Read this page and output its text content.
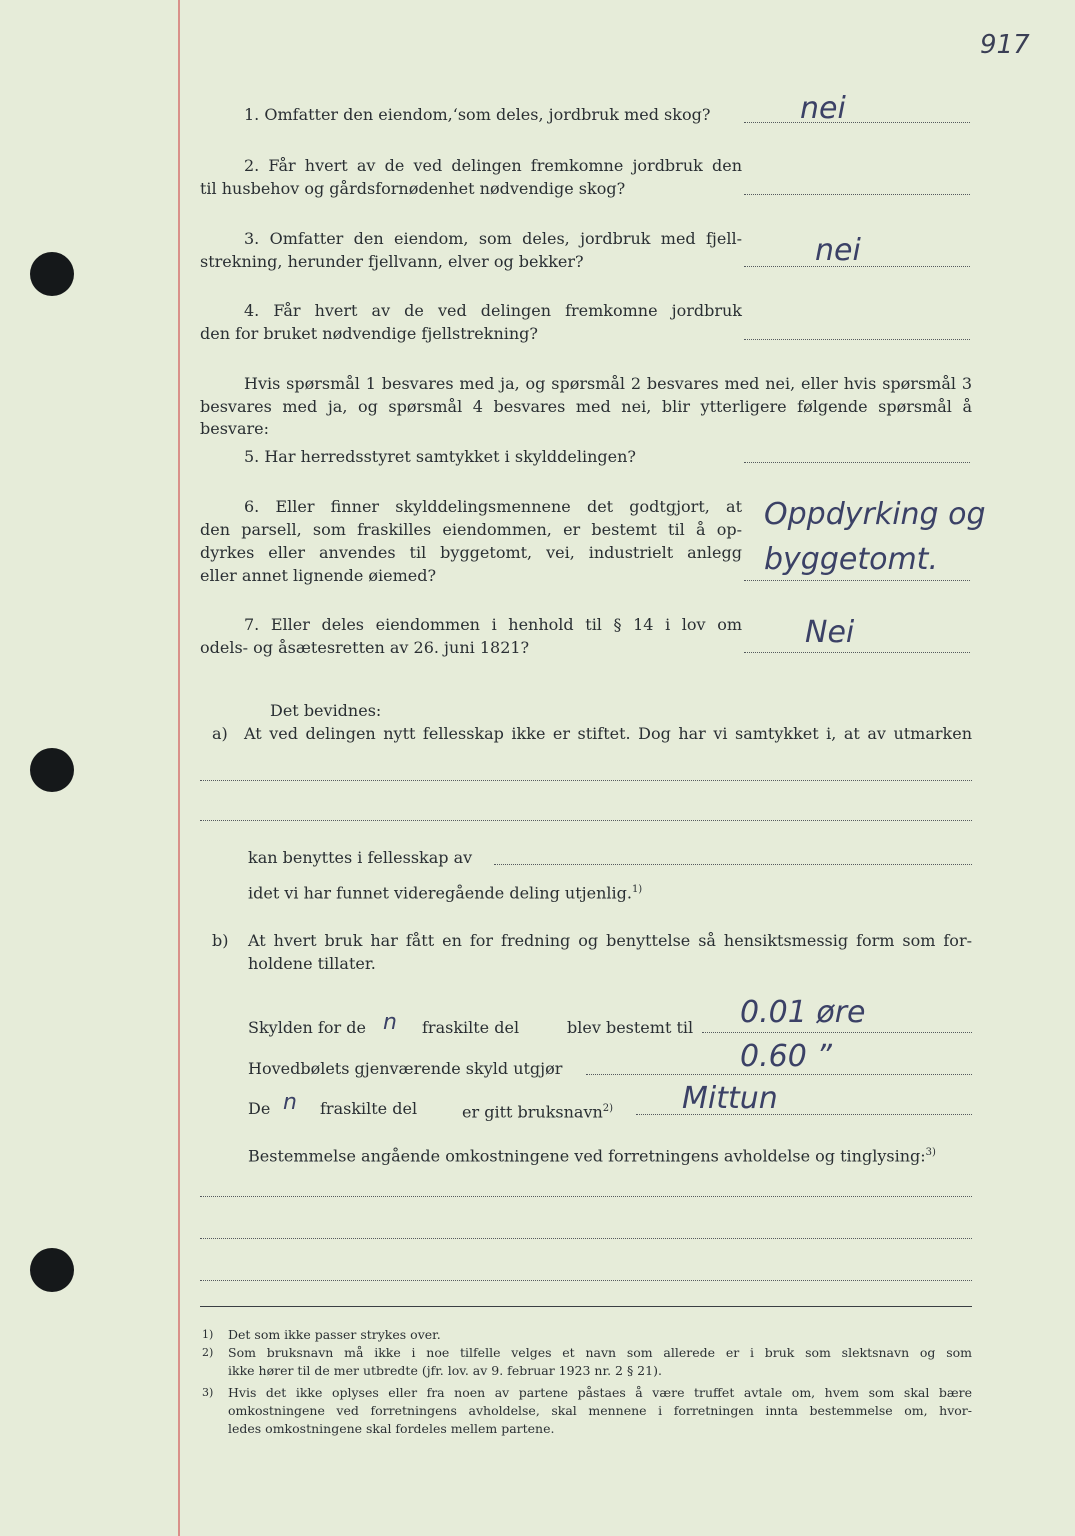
917
1. Omfatter den eiendom,ʻsom deles, jordbruk med skog?	nei
2. Får hvert av de ved delingen fremkomne jordbruk den
til husbehov og gårdsfornødenhet nødvendige skog?
3. Omfatter den eiendom, som deles, jordbruk med fjell‑
strekning, herunder fjellvann, elver og bekker?	nei
4. Får hvert av de ved delingen fremkomne jordbruk
den for bruket nødvendige fjellstrekning?
Hvis spørsmål 1 besvares med ja, og spørsmål 2 besvares med nei, eller hvis spørsmål 3
besvares med ja, og spørsmål 4 besvares med nei, blir ytterligere følgende spørsmål å besvare:
5. Har herredsstyret samtykket i skylddelingen?
6. Eller finner skylddelingsmennene det godtgjort, at
den parsell, som fraskilles eiendommen, er bestemt til å op‑
dyrkes eller anvendes til byggetomt, vei, industrielt anlegg
eller annet lignende øiemed?
Oppdyrking og
byggetomt.
7. Eller deles eiendommen i henhold til § 14 i lov om
odels‑ og åsætesretten av 26. juni 1821?	Nei
Det bevidnes:
a) At ved delingen nytt fellesskap ikke er stiftet. Dog har vi samtykket i, at av utmarken
kan benyttes i fellesskap av
idet vi har funnet videregående deling utjenlig.$^{1)}$
b) At hvert bruk har fått en for fredning og benyttelse så hensiktsmessig form som for‑
holdene tillater.
Skylden for de n fraskilte del	blev bestemt til 0.01 øre
Hovedbølets gjenværende skyld utgjør	0.60 ”
De n fraskilte del	er gitt bruksnavn$^{2)}$ Mittun
Bestemmelse angående omkostningene ved forretningens avholdelse og tinglysing:$^{3)}$
1) Det som ikke passer strykes over.
2) Som bruksnavn må ikke i noe tilfelle velges et navn som allerede er i bruk som slektsnavn og som
ikke hører til de mer utbredte (jfr. lov. av 9. februar 1923 nr. 2 § 21).
3) Hvis det ikke oplyses eller fra noen av partene påstaes å være truffet avtale om, hvem som skal bære
omkostningene ved forretningens avholdelse, skal mennene i forretningen innta bestemmelse om, hvor‑
ledes omkostningene skal fordeles mellem partene.
